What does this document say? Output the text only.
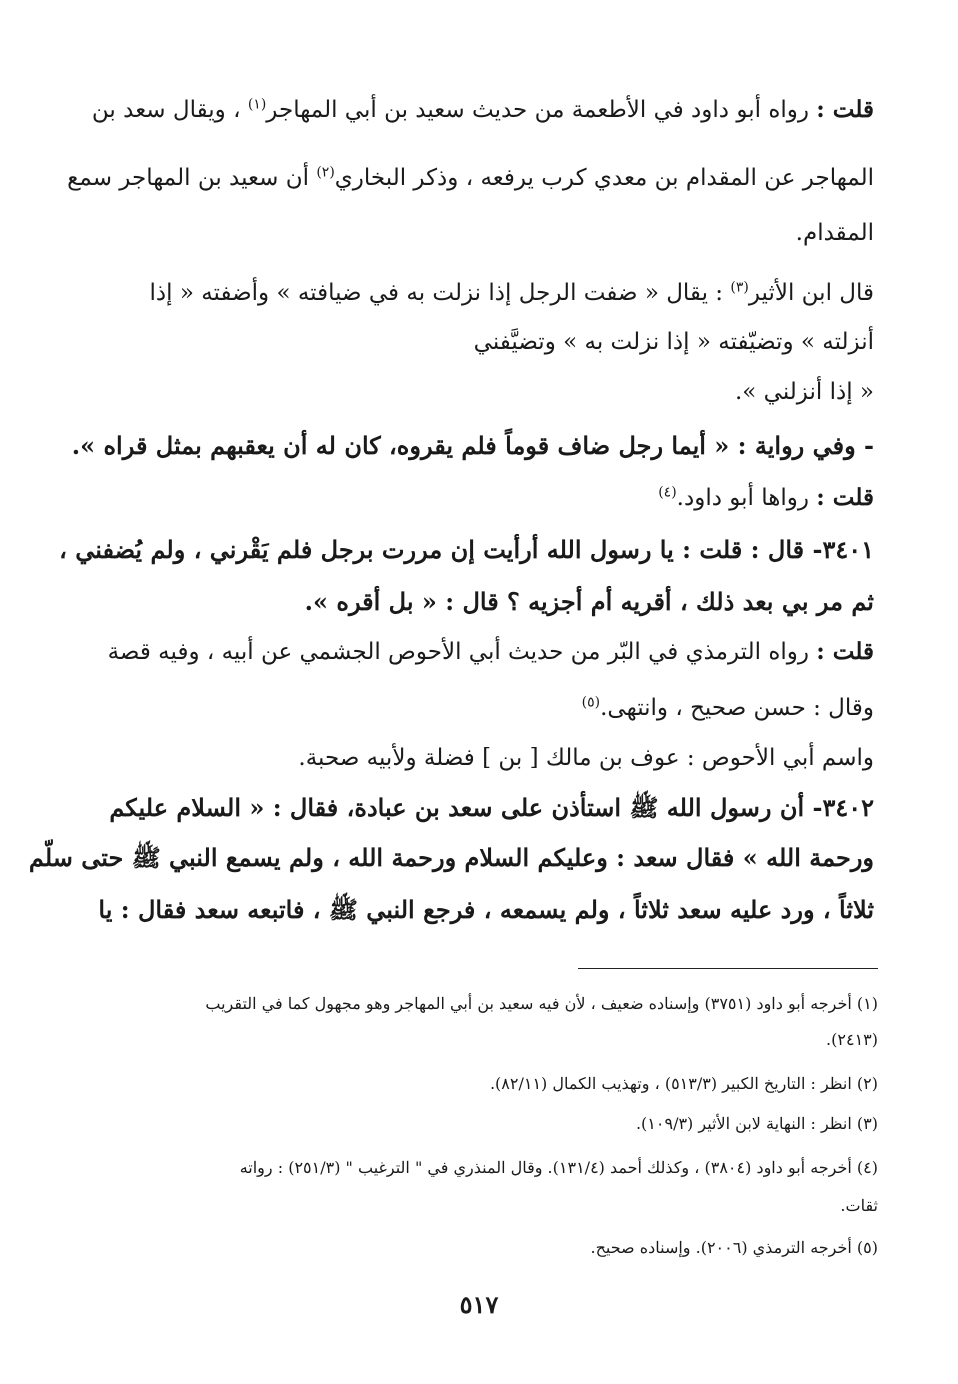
قلت : رواه أبو داود في الأطعمة من حديث سعيد بن أبي المهاجر$^{(١)}$ ، ويقال سعد بن
المهاجر عن المقدام بن معدي كرب يرفعه ، وذكر البخاري$^{(٢)}$ أن سعيد بن المهاجر سمع
المقدام.
قال ابن الأثير$^{(٣)}$ : يقال « ضفت الرجل إذا نزلت به في ضيافته » وأضفته « إذا
أنزلته » وتضيّفته « إذا نزلت به » وتضيَّفني
« إذا أنزلني ».
- وفي رواية : « أيما رجل ضاف قوماً فلم يقروه، كان له أن يعقبهم بمثل قراه ».
قلت : رواها أبو داود.$^{(٤)}$
٣٤٠١- قال : قلت : يا رسول الله أرأيت إن مررت برجل فلم يَقْرني ، ولم يُضفني ،
ثم مر بي بعد ذلك ، أقريه أم أجزيه ؟ قال : « بل أقره ».
قلت : رواه الترمذي في البّر من حديث أبي الأحوص الجشمي عن أبيه ، وفيه قصة
وقال : حسن صحيح ، وانتهى.$^{(٥)}$
واسم أبي الأحوص : عوف بن مالك [ بن ] فضلة ولأبيه صحبة.
٣٤٠٢- أن رسول الله ﷺ استأذن على سعد بن عبادة، فقال : « السلام عليكم
ورحمة الله » فقال سعد : وعليكم السلام ورحمة الله ، ولم يسمع النبي ﷺ حتى سلّم
ثلاثاً ، ورد عليه سعد ثلاثاً ، ولم يسمعه ، فرجع النبي ﷺ ، فاتبعه سعد فقال : يا
(١) أخرجه أبو داود (٣٧٥١) وإسناده ضعيف ، لأن فيه سعيد بن أبي المهاجر وهو مجهول كما في التقريب
(٢٤١٣).
(٢) انظر : التاريخ الكبير (٥١٣/٣) ، وتهذيب الكمال (٨٢/١١).
(٣) انظر : النهاية لابن الأثير (١٠٩/٣).
(٤) أخرجه أبو داود (٣٨٠٤) ، وكذلك أحمد (١٣١/٤). وقال المنذري في " الترغيب " (٢٥١/٣) : رواته
ثقات.
(٥) أخرجه الترمذي (٢٠٠٦). وإسناده صحيح.
٥١٧
